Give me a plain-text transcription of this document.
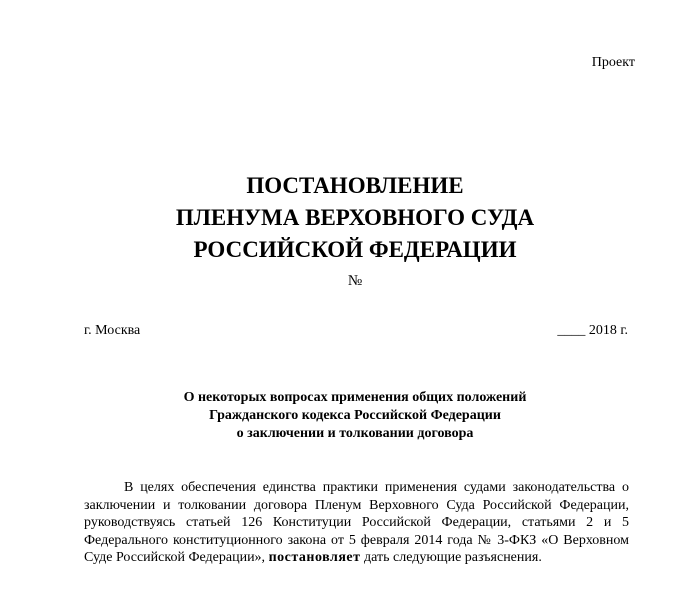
Проект
ПОСТАНОВЛЕНИЕ
ПЛЕНУМА ВЕРХОВНОГО СУДА
РОССИЙСКОЙ ФЕДЕРАЦИИ
№
г. Москва	____ 2018 г.
О некоторых вопросах применения общих положений
Гражданского кодекса Российской Федерации
о заключении и толковании договора

В целях обеспечения единства практики применения судами законодательства о заключении и толковании договора Пленум Верховного Суда Российской Федерации, руководствуясь статьей 126 Конституции Российской Федерации, статьями 2 и 5 Федерального конституционного закона от 5 февраля 2014 года № 3-ФКЗ «О Верховном Суде Российской Федерации», постановляет дать следующие разъяснения.
